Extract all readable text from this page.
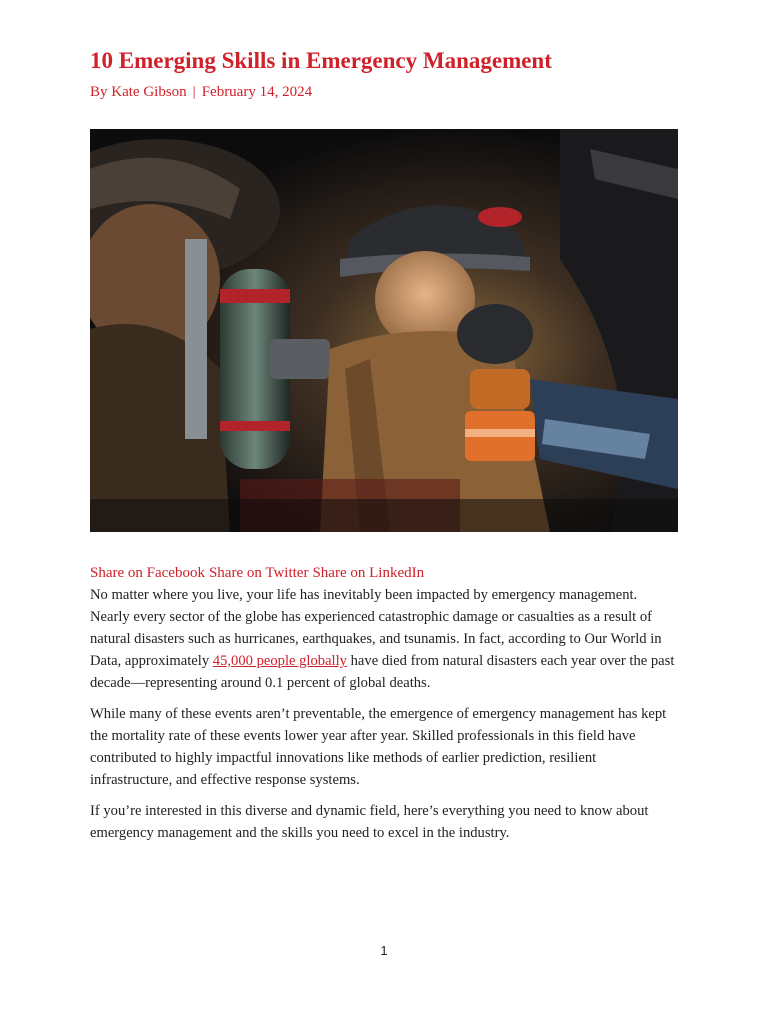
10 Emerging Skills in Emergency Management
By Kate Gibson | February 14, 2024
Share on Facebook Share on Twitter Share on LinkedIn

No matter where you live, your life has inevitably been impacted by emergency management. Nearly every sector of the globe has experienced catastrophic damage or casualties as a result of natural disasters such as hurricanes, earthquakes, and tsunamis. In fact, according to Our World in Data, approximately 45,000 people globally have died from natural disasters each year over the past decade—representing around 0.1 percent of global deaths.

While many of these events aren’t preventable, the emergence of emergency management has kept the mortality rate of these events lower year after year. Skilled professionals in this field have contributed to highly impactful innovations like methods of earlier prediction, resilient infrastructure, and effective response systems.

If you’re interested in this diverse and dynamic field, here’s everything you need to know about emergency management and the skills you need to excel in the industry.

1
